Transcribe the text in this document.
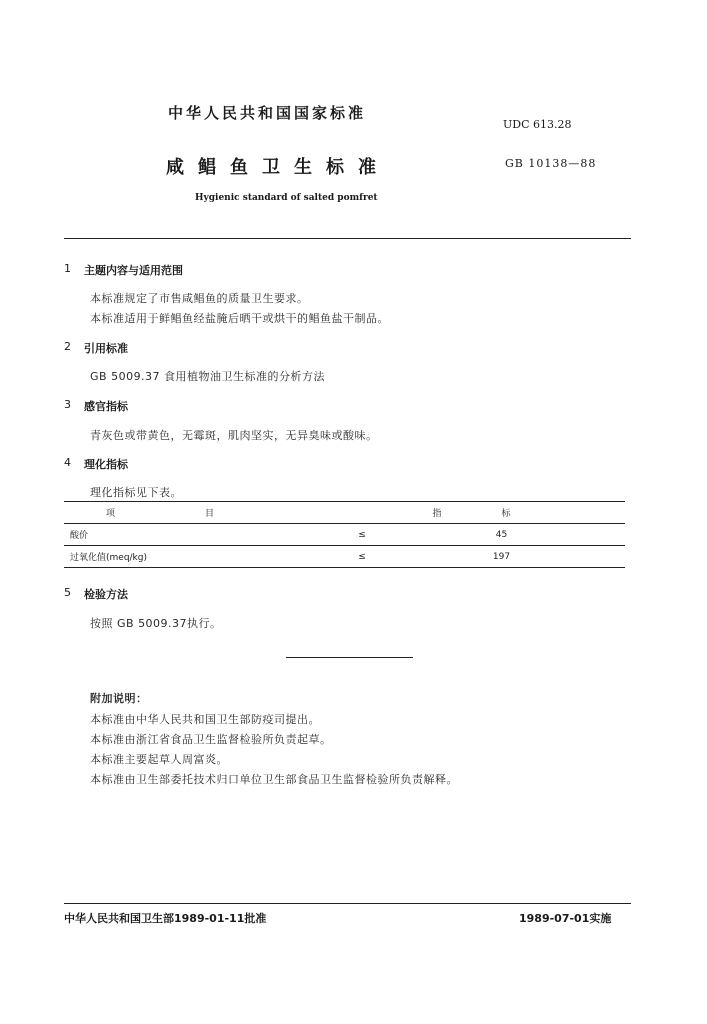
中华人民共和国国家标准
UDC 613.28
咸鲳鱼卫生标准	GB 10138—88
Hygienic standard of salted pomfret
1 主题内容与适用范围
本标准规定了市售咸鲳鱼的质量卫生要求。
本标准适用于鲜鲳鱼经盐腌后晒干或烘干的鲳鱼盐干制品。
2 引用标准
GB 5009.37 食用植物油卫生标准的分析方法
3 感官指标
青灰色或带黄色，无霉斑，肌肉坚实，无异臭味或酸味。
4 理化指标
理化指标见下表。
项目		指标
酸价	≤	45
过氧化值(meq/kg)	≤	197
5 检验方法
按照 GB 5009.37执行。
附加说明：
本标准由中华人民共和国卫生部防疫司提出。
本标准由浙江省食品卫生监督检验所负责起草。
本标准主要起草人周富炎。
本标准由卫生部委托技术归口单位卫生部食品卫生监督检验所负责解释。
中华人民共和国卫生部1989-01-11批准	1989-07-01实施
